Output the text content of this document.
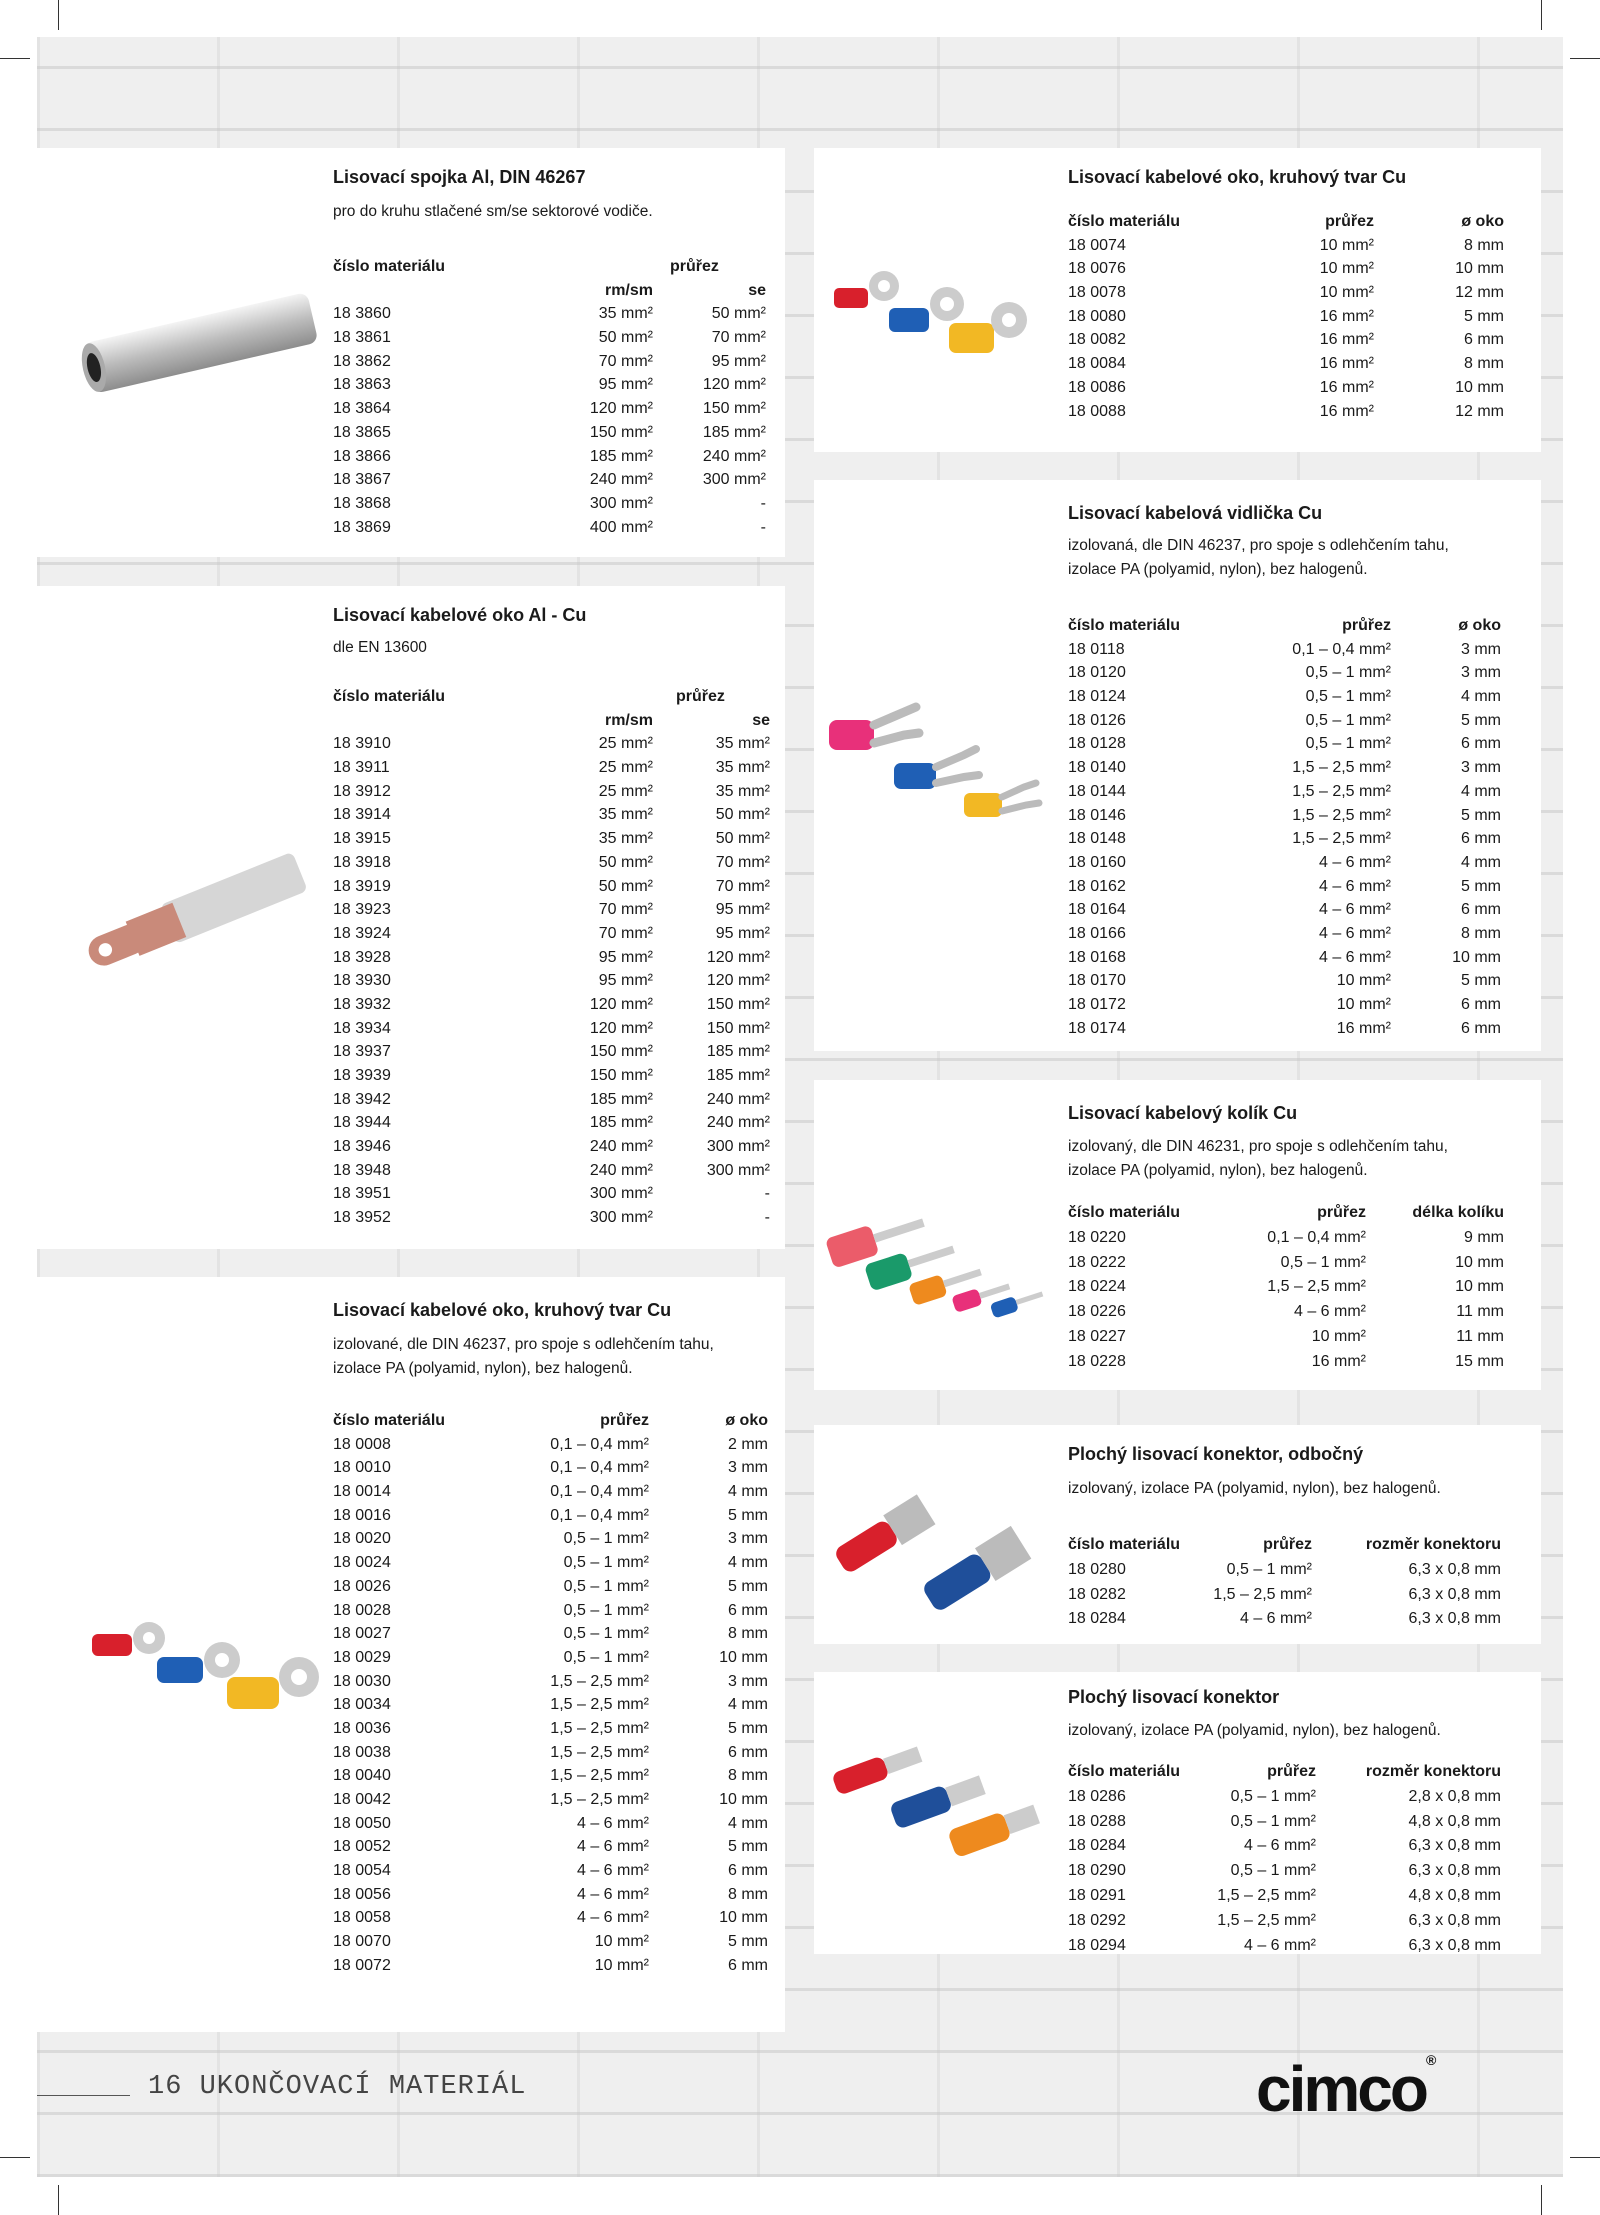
Lisovací spojka Al, DIN 46267
pro do kruhu stlačené sm/se sektorové vodiče.
číslo materiálu	průřez
rm/sm	se
18 3860	35 mm²	50 mm²
18 3861	50 mm²	70 mm²
18 3862	70 mm²	95 mm²
18 3863	95 mm²	120 mm²
18 3864	120 mm²	150 mm²
18 3865	150 mm²	185 mm²
18 3866	185 mm²	240 mm²
18 3867	240 mm²	300 mm²
18 3868	300 mm²	-
18 3869	400 mm²	-
Lisovací kabelové oko Al - Cu
dle EN 13600
číslo materiálu	průřez
rm/sm	se
18 3910	25 mm²	35 mm²
18 3911	25 mm²	35 mm²
18 3912	25 mm²	35 mm²
18 3914	35 mm²	50 mm²
18 3915	35 mm²	50 mm²
18 3918	50 mm²	70 mm²
18 3919	50 mm²	70 mm²
18 3923	70 mm²	95 mm²
18 3924	70 mm²	95 mm²
18 3928	95 mm²	120 mm²
18 3930	95 mm²	120 mm²
18 3932	120 mm²	150 mm²
18 3934	120 mm²	150 mm²
18 3937	150 mm²	185 mm²
18 3939	150 mm²	185 mm²
18 3942	185 mm²	240 mm²
18 3944	185 mm²	240 mm²
18 3946	240 mm²	300 mm²
18 3948	240 mm²	300 mm²
18 3951	300 mm²	-
18 3952	300 mm²	-
Lisovací kabelové oko, kruhový tvar Cu
izolované, dle DIN 46237, pro spoje s odlehčením tahu, izolace PA (polyamid, nylon), bez halogenů.
číslo materiálu	průřez	ø oko
18 0008	0,1 – 0,4 mm²	2 mm
18 0010	0,1 – 0,4 mm²	3 mm
18 0014	0,1 – 0,4 mm²	4 mm
18 0016	0,1 – 0,4 mm²	5 mm
18 0020	0,5 – 1 mm²	3 mm
18 0024	0,5 – 1 mm²	4 mm
18 0026	0,5 – 1 mm²	5 mm
18 0028	0,5 – 1 mm²	6 mm
18 0027	0,5 – 1 mm²	8 mm
18 0029	0,5 – 1 mm²	10 mm
18 0030	1,5 – 2,5 mm²	3 mm
18 0034	1,5 – 2,5 mm²	4 mm
18 0036	1,5 – 2,5 mm²	5 mm
18 0038	1,5 – 2,5 mm²	6 mm
18 0040	1,5 – 2,5 mm²	8 mm
18 0042	1,5 – 2,5 mm²	10 mm
18 0050	4 – 6 mm²	4 mm
18 0052	4 – 6 mm²	5 mm
18 0054	4 – 6 mm²	6 mm
18 0056	4 – 6 mm²	8 mm
18 0058	4 – 6 mm²	10 mm
18 0070	10 mm²	5 mm
18 0072	10 mm²	6 mm
Lisovací kabelové oko, kruhový tvar Cu
číslo materiálu	průřez	ø oko
18 0074	10 mm²	8 mm
18 0076	10 mm²	10 mm
18 0078	10 mm²	12 mm
18 0080	16 mm²	5 mm
18 0082	16 mm²	6 mm
18 0084	16 mm²	8 mm
18 0086	16 mm²	10 mm
18 0088	16 mm²	12 mm
Lisovací kabelová vidlička Cu
izolovaná, dle DIN 46237, pro spoje s odlehčením tahu, izolace PA (polyamid, nylon), bez halogenů.
číslo materiálu	průřez	ø oko
18 0118	0,1 – 0,4 mm²	3 mm
18 0120	0,5 – 1 mm²	3 mm
18 0124	0,5 – 1 mm²	4 mm
18 0126	0,5 – 1 mm²	5 mm
18 0128	0,5 – 1 mm²	6 mm
18 0140	1,5 – 2,5 mm²	3 mm
18 0144	1,5 – 2,5 mm²	4 mm
18 0146	1,5 – 2,5 mm²	5 mm
18 0148	1,5 – 2,5 mm²	6 mm
18 0160	4 – 6 mm²	4 mm
18 0162	4 – 6 mm²	5 mm
18 0164	4 – 6 mm²	6 mm
18 0166	4 – 6 mm²	8 mm
18 0168	4 – 6 mm²	10 mm
18 0170	10 mm²	5 mm
18 0172	10 mm²	6 mm
18 0174	16 mm²	6 mm
Lisovací kabelový kolík Cu
izolovaný, dle DIN 46231, pro spoje s odlehčením tahu, izolace PA (polyamid, nylon), bez halogenů.
číslo materiálu	průřez	délka kolíku
18 0220	0,1 – 0,4 mm²	9 mm
18 0222	0,5 – 1 mm²	10 mm
18 0224	1,5 – 2,5 mm²	10 mm
18 0226	4 – 6 mm²	11 mm
18 0227	10 mm²	11 mm
18 0228	16 mm²	15 mm
Plochý lisovací konektor, odbočný
izolovaný, izolace PA (polyamid, nylon), bez halogenů.
číslo materiálu	průřez	rozměr konektoru
18 0280	0,5 – 1 mm²	6,3 x 0,8 mm
18 0282	1,5 – 2,5 mm²	6,3 x 0,8 mm
18 0284	4 – 6 mm²	6,3 x 0,8 mm
Plochý lisovací konektor
izolovaný, izolace PA (polyamid, nylon), bez halogenů.
číslo materiálu	průřez	rozměr konektoru
18 0286	0,5 – 1 mm²	2,8 x 0,8 mm
18 0288	0,5 – 1 mm²	4,8 x 0,8 mm
18 0284	4 – 6 mm²	6,3 x 0,8 mm
18 0290	0,5 – 1 mm²	6,3 x 0,8 mm
18 0291	1,5 – 2,5 mm²	4,8 x 0,8 mm
18 0292	1,5 – 2,5 mm²	6,3 x 0,8 mm
18 0294	4 – 6 mm²	6,3 x 0,8 mm
16 UKONČOVACÍ MATERIÁL	cimco®
